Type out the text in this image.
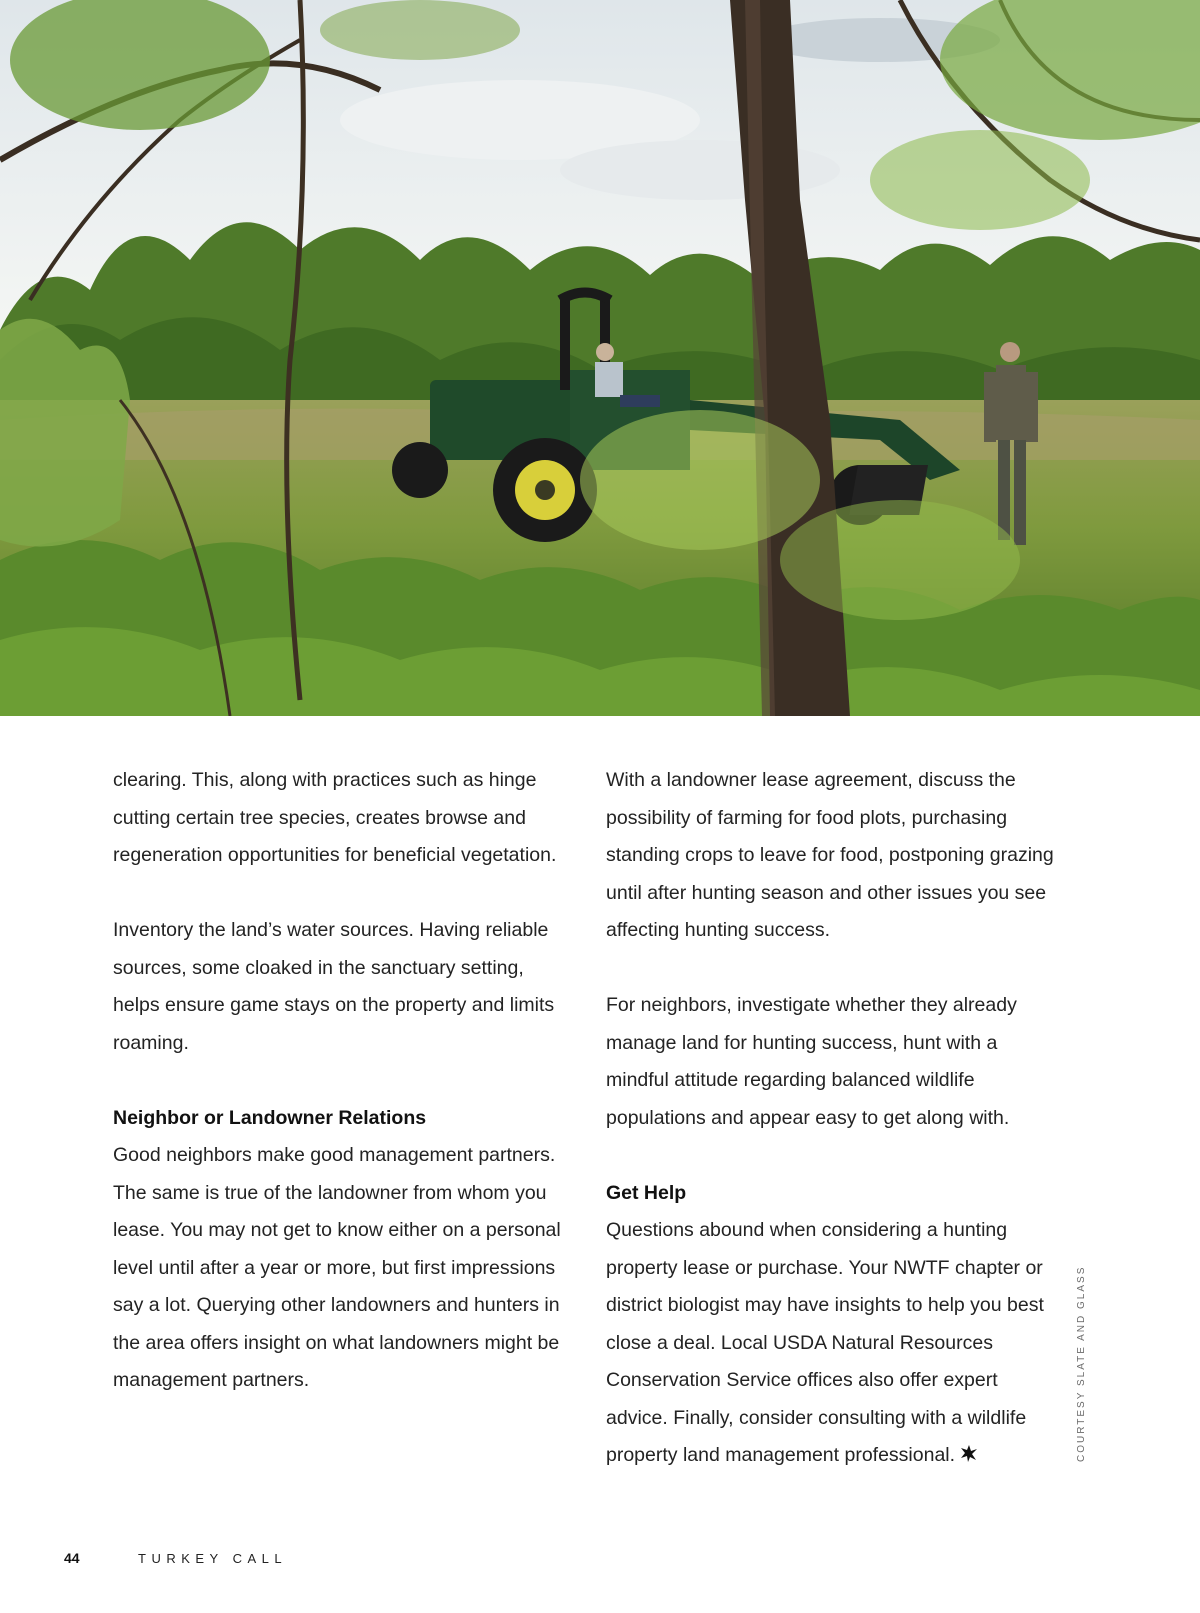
clearing. This, along with practices such as hinge cutting certain tree species, creates browse and regeneration opportunities for beneficial vegetation.

Inventory the land’s water sources. Having reliable sources, some cloaked in the sanctuary setting, helps ensure game stays on the property and limits roaming.

Neighbor or Landowner Relations

Good neighbors make good management partners. The same is true of the landowner from whom you lease. You may not get to know either on a personal level until after a year or more, but first impressions say a lot. Querying other landowners and hunters in the area offers insight on what landowners might be management partners.

With a landowner lease agreement, discuss the possibility of farming for food plots, purchasing standing crops to leave for food, postponing grazing until after hunting season and other issues you see affecting hunting success.

For neighbors, investigate whether they already manage land for hunting success, hunt with a mindful attitude regarding balanced wildlife populations and appear easy to get along with.

Get Help

Questions abound when considering a hunting property lease or purchase. Your NWTF chapter or district biologist may have insights to help you best close a deal. Local USDA Natural Resources Conservation Service offices also offer expert advice. Finally, consider consulting with a wildlife property land management professional.	COURTESY SLATE AND GLASS
44	TURKEY CALL
